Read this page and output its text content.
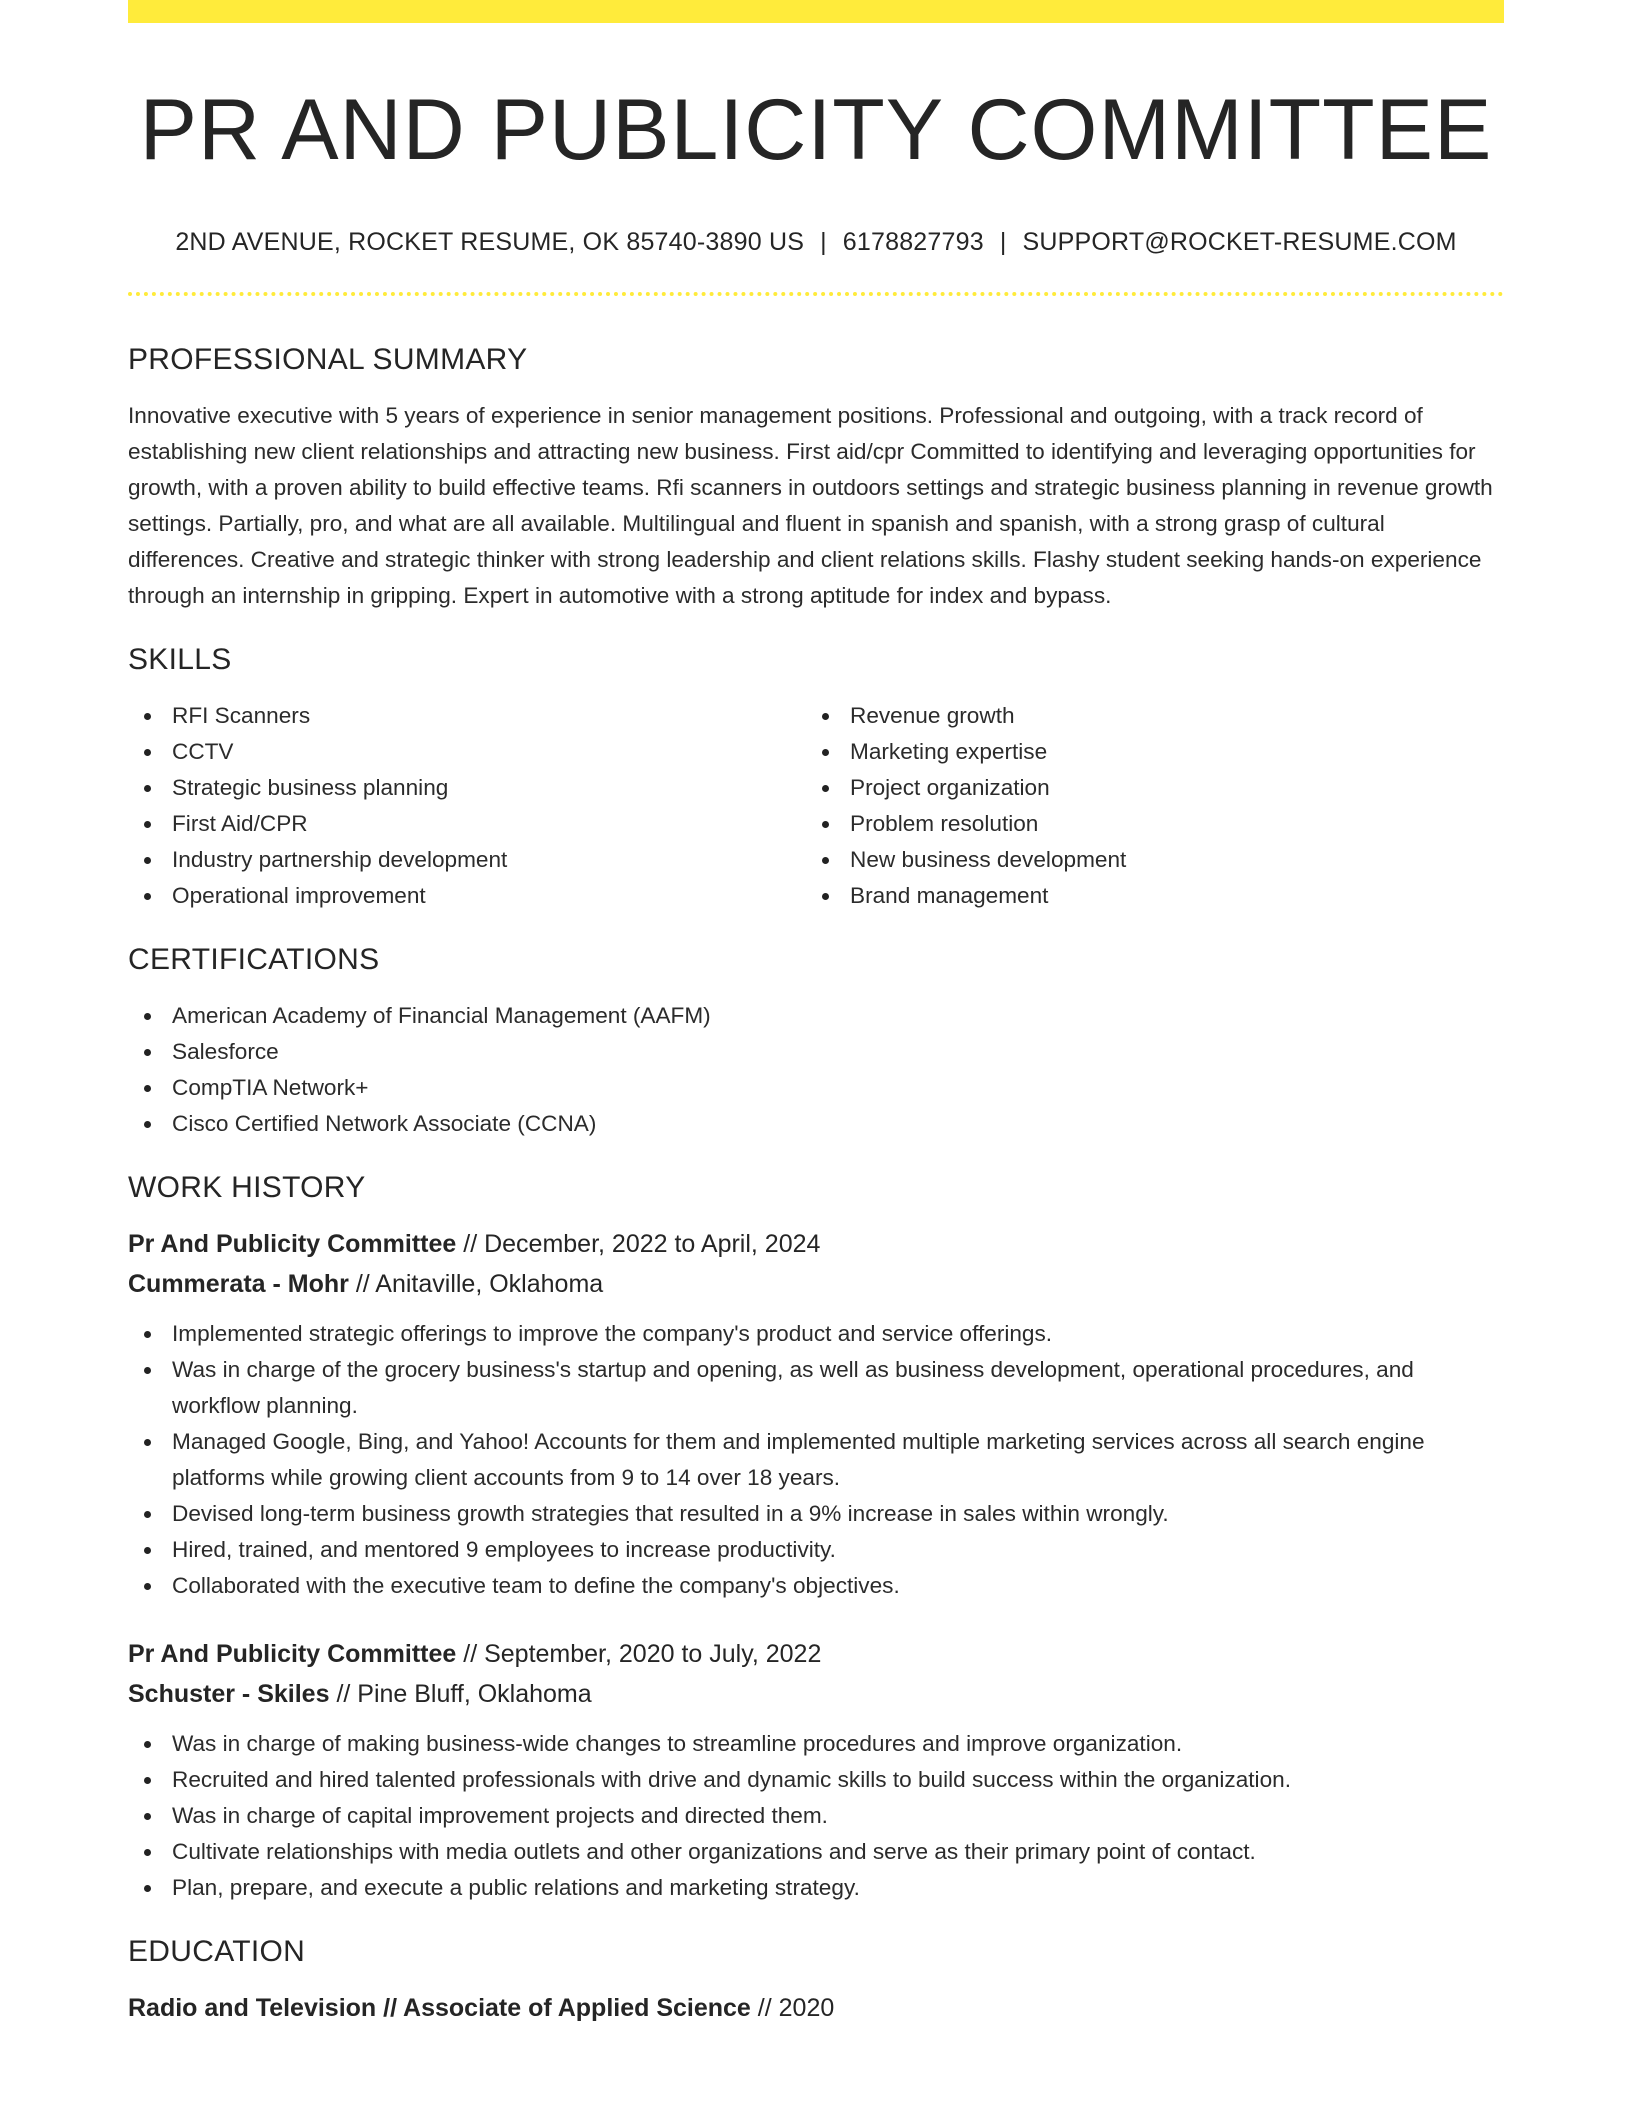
PR AND PUBLICITY COMMITTEE
2ND AVENUE, ROCKET RESUME, OK 85740-3890 US | 6178827793 | SUPPORT@ROCKET-RESUME.COM
PROFESSIONAL SUMMARY

Innovative executive with 5 years of experience in senior management positions. Professional and outgoing, with a track record of establishing new client relationships and attracting new business. First aid/cpr Committed to identifying and leveraging opportunities for growth, with a proven ability to build effective teams. Rfi scanners in outdoors settings and strategic business planning in revenue growth settings. Partially, pro, and what are all available. Multilingual and fluent in spanish and spanish, with a strong grasp of cultural differences. Creative and strategic thinker with strong leadership and client relations skills. Flashy student seeking hands-on experience through an internship in gripping. Expert in automotive with a strong aptitude for index and bypass.

SKILLS
RFI Scanners
CCTV
Strategic business planning
First Aid/CPR
Industry partnership development
Operational improvement
Revenue growth
Marketing expertise
Project organization
Problem resolution
New business development
Brand management
CERTIFICATIONS
American Academy of Financial Management (AAFM)
Salesforce
CompTIA Network+
Cisco Certified Network Associate (CCNA)
WORK HISTORY
Pr And Publicity Committee // December, 2022 to April, 2024
Cummerata - Mohr // Anitaville, Oklahoma
Implemented strategic offerings to improve the company's product and service offerings.
Was in charge of the grocery business's startup and opening, as well as business development, operational procedures, and workflow planning.
Managed Google, Bing, and Yahoo! Accounts for them and implemented multiple marketing services across all search engine platforms while growing client accounts from 9 to 14 over 18 years.
Devised long-term business growth strategies that resulted in a 9% increase in sales within wrongly.
Hired, trained, and mentored 9 employees to increase productivity.
Collaborated with the executive team to define the company's objectives.
Pr And Publicity Committee // September, 2020 to July, 2022
Schuster - Skiles // Pine Bluff, Oklahoma
Was in charge of making business-wide changes to streamline procedures and improve organization.
Recruited and hired talented professionals with drive and dynamic skills to build success within the organization.
Was in charge of capital improvement projects and directed them.
Cultivate relationships with media outlets and other organizations and serve as their primary point of contact.
Plan, prepare, and execute a public relations and marketing strategy.
EDUCATION
Radio and Television // Associate of Applied Science // 2020
